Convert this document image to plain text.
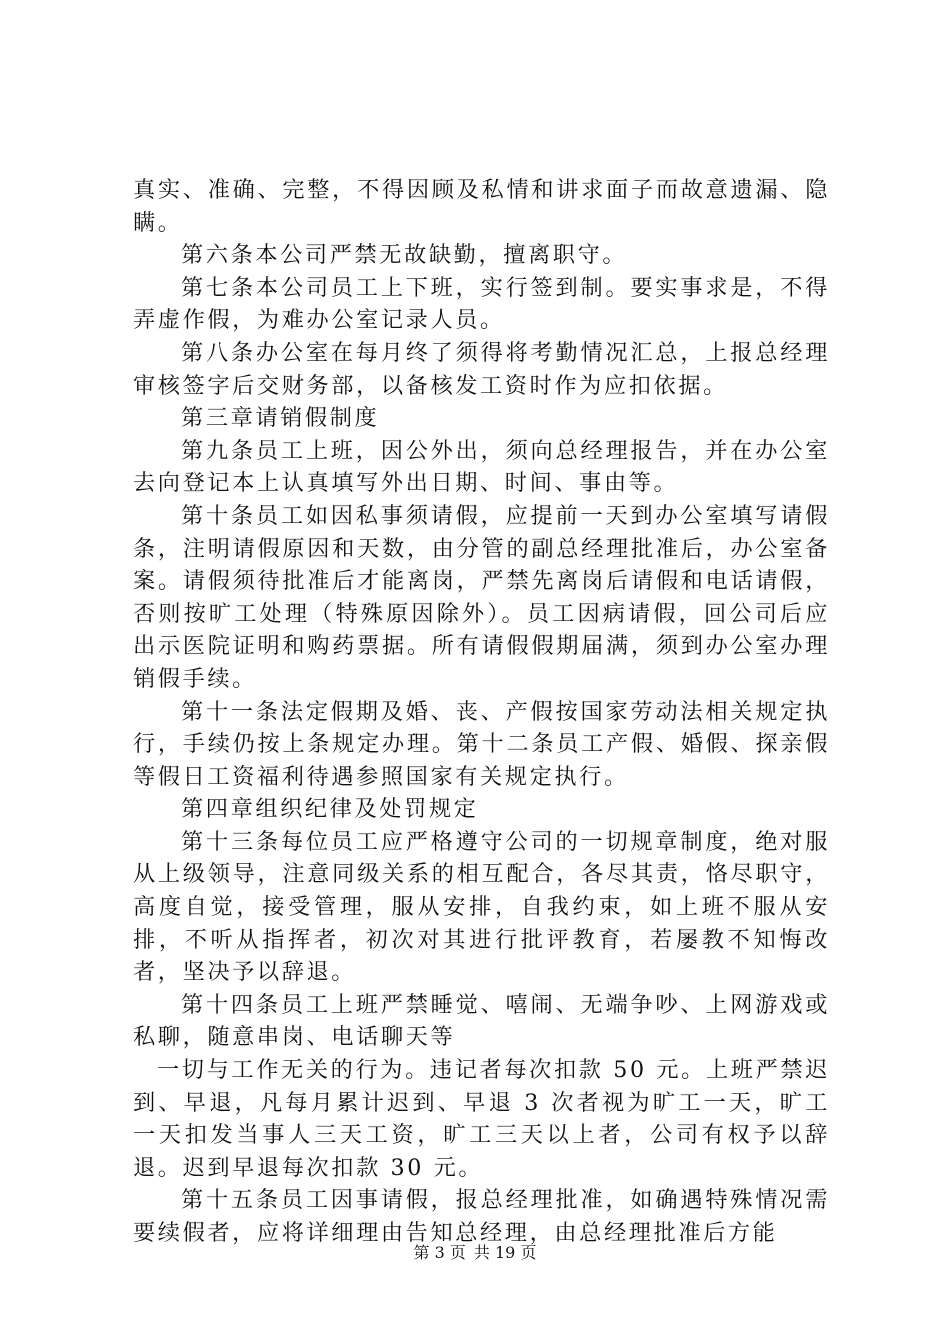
真实、准确、完整，不得因顾及私情和讲求面子而故意遗漏、隐瞒。

第六条本公司严禁无故缺勤，擅离职守。

第七条本公司员工上下班，实行签到制。要实事求是，不得弄虚作假，为难办公室记录人员。

第八条办公室在每月终了须得将考勤情况汇总，上报总经理审核签字后交财务部，以备核发工资时作为应扣依据。

第三章请销假制度

第九条员工上班，因公外出，须向总经理报告，并在办公室去向登记本上认真填写外出日期、时间、事由等。

第十条员工如因私事须请假，应提前一天到办公室填写请假条，注明请假原因和天数，由分管的副总经理批准后，办公室备案。请假须待批准后才能离岗，严禁先离岗后请假和电话请假，否则按旷工处理（特殊原因除外）。员工因病请假，回公司后应出示医院证明和购药票据。所有请假假期届满，须到办公室办理销假手续。

第十一条法定假期及婚、丧、产假按国家劳动法相关规定执行，手续仍按上条规定办理。第十二条员工产假、婚假、探亲假等假日工资福利待遇参照国家有关规定执行。

第四章组织纪律及处罚规定

第十三条每位员工应严格遵守公司的一切规章制度，绝对服从上级领导，注意同级关系的相互配合，各尽其责，恪尽职守，高度自觉，接受管理，服从安排，自我约束，如上班不服从安排，不听从指挥者，初次对其进行批评教育，若屡教不知悔改者，坚决予以辞退。

第十四条员工上班严禁睡觉、嘻闹、无端争吵、上网游戏或私聊，随意串岗、电话聊天等

一切与工作无关的行为。违记者每次扣款 50 元。上班严禁迟到、早退，凡每月累计迟到、早退 3 次者视为旷工一天，旷工一天扣发当事人三天工资，旷工三天以上者，公司有权予以辞退。迟到早退每次扣款 30 元。

第十五条员工因事请假，报总经理批准，如确遇特殊情况需要续假者，应将详细理由告知总经理，由总经理批准后方能

第 3 页 共 19 页
